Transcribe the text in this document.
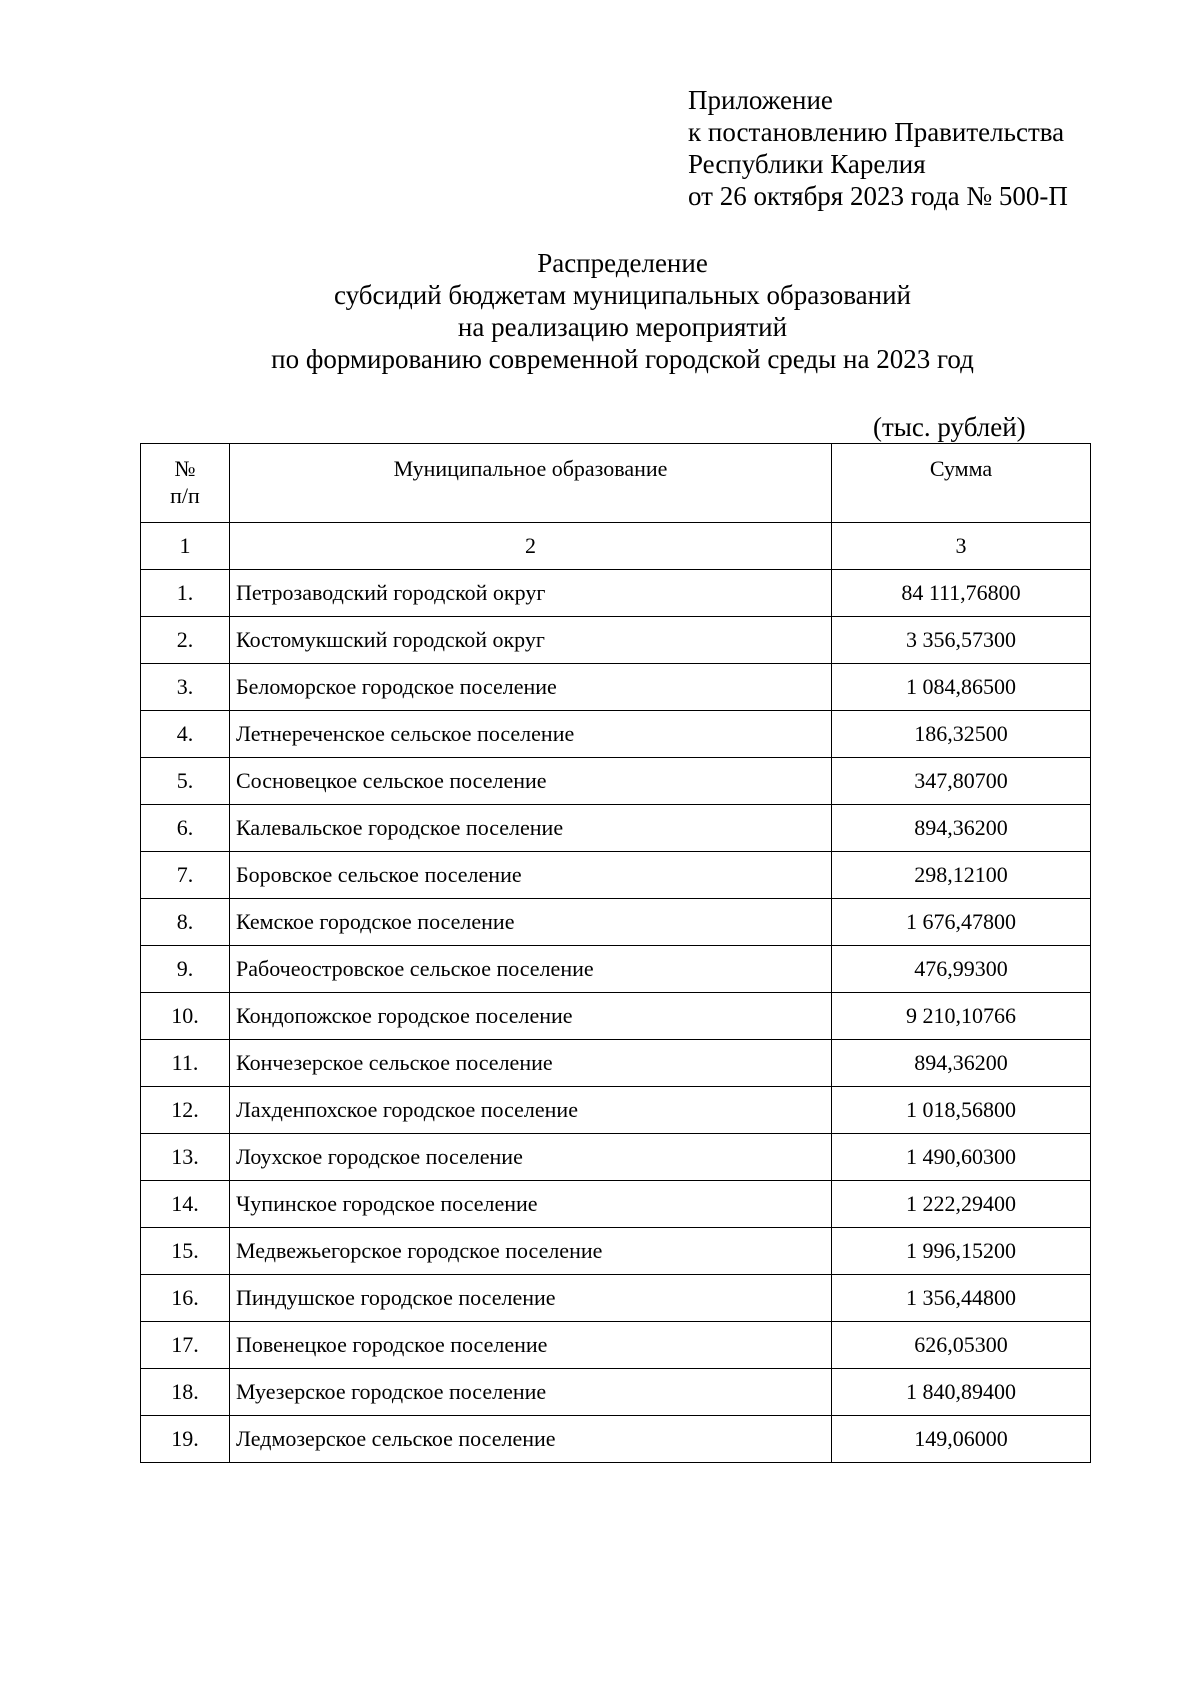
Приложение
к постановлению Правительства
Республики Карелия
от 26 октября 2023 года № 500-П
Распределение
субсидий бюджетам муниципальных образований
на реализацию мероприятий
по формированию современной городской среды на 2023 год
(тыс. рублей)
№
п/п	Муниципальное образование	Сумма
1	2	3
1.	Петрозаводский городской округ	84 111,76800
2.	Костомукшский городской округ	3 356,57300
3.	Беломорское городское поселение	1 084,86500
4.	Летнереченское сельское поселение	186,32500
5.	Сосновецкое сельское поселение	347,80700
6.	Калевальское городское поселение	894,36200
7.	Боровское сельское поселение	298,12100
8.	Кемское городское поселение	1 676,47800
9.	Рабочеостровское сельское поселение	476,99300
10.	Кондопожское городское поселение	9 210,10766
11.	Кончезерское сельское поселение	894,36200
12.	Лахденпохское городское поселение	1 018,56800
13.	Лоухское городское поселение	1 490,60300
14.	Чупинское городское поселение	1 222,29400
15.	Медвежьегорское городское поселение	1 996,15200
16.	Пиндушское городское поселение	1 356,44800
17.	Повенецкое городское поселение	626,05300
18.	Муезерское городское поселение	1 840,89400
19.	Ледмозерское сельское поселение	149,06000
